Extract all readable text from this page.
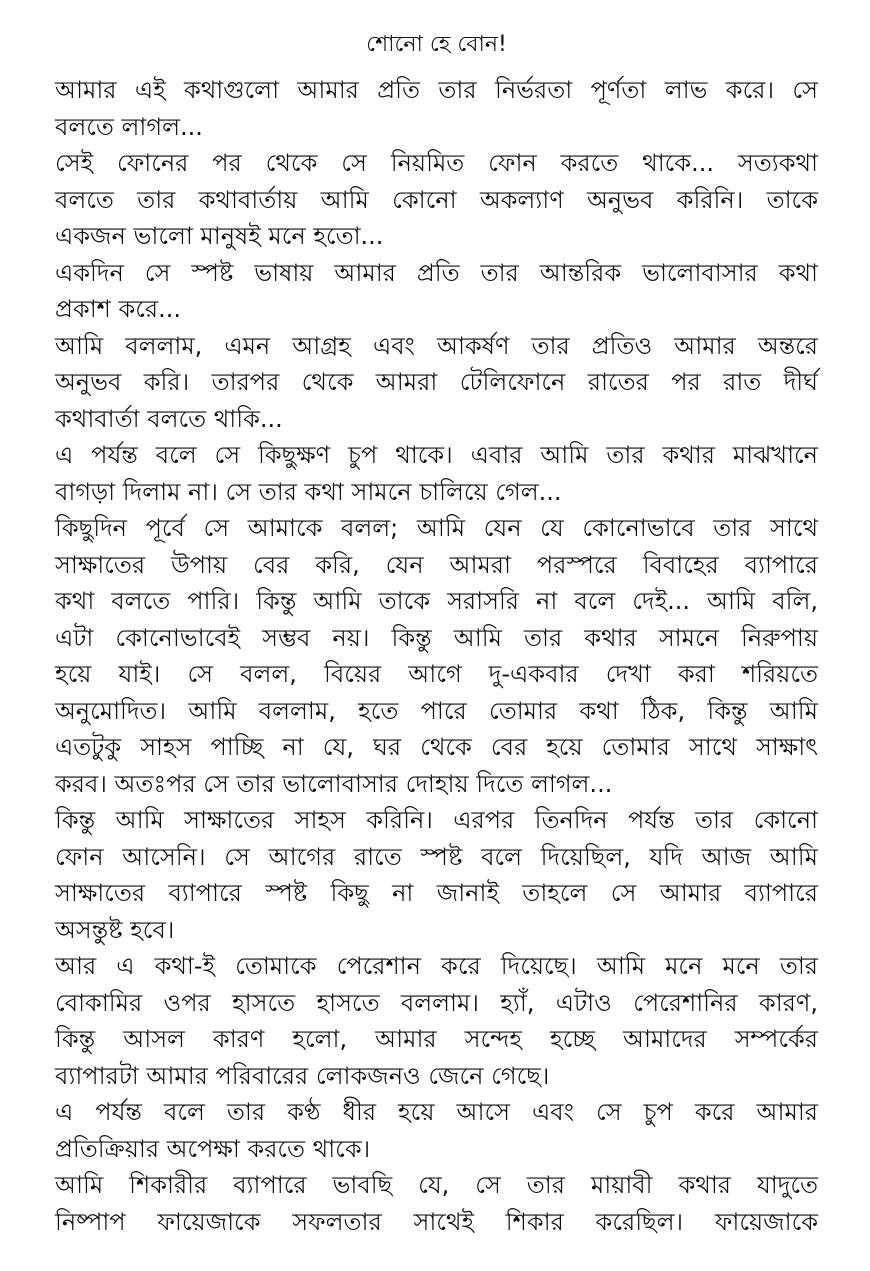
শোনো হে বোন!
আমার এই কথাগুলো আমার প্রতি তার নির্ভরতা পূর্ণতা লাভ করে। সে
বলতে লাগল...
সেই ফোনের পর থেকে সে নিয়মিত ফোন করতে থাকে... সত্যকথা
বলতে তার কথাবার্তায় আমি কোনো অকল্যাণ অনুভব করিনি। তাকে
একজন ভালো মানুষই মনে হতো...
একদিন সে স্পষ্ট ভাষায় আমার প্রতি তার আন্তরিক ভালোবাসার কথা
প্রকাশ করে...
আমি বললাম, এমন আগ্রহ এবং আকর্ষণ তার প্রতিও আমার অন্তরে
অনুভব করি। তারপর থেকে আমরা টেলিফোনে রাতের পর রাত দীর্ঘ
কথাবার্তা বলতে থাকি...
এ পর্যন্ত বলে সে কিছুক্ষণ চুপ থাকে। এবার আমি তার কথার মাঝখানে
বাগড়া দিলাম না। সে তার কথা সামনে চালিয়ে গেল...
কিছুদিন পূর্বে সে আমাকে বলল; আমি যেন যে কোনোভাবে তার সাথে
সাক্ষাতের উপায় বের করি, যেন আমরা পরস্পরে বিবাহের ব্যাপারে
কথা বলতে পারি। কিন্তু আমি তাকে সরাসরি না বলে দেই... আমি বলি,
এটা কোনোভাবেই সম্ভব নয়। কিন্তু আমি তার কথার সামনে নিরুপায়
হয়ে যাই। সে বলল, বিয়ের আগে দু-একবার দেখা করা শরিয়তে
অনুমোদিত। আমি বললাম, হতে পারে তোমার কথা ঠিক, কিন্তু আমি
এতটুকু সাহস পাচ্ছি না যে, ঘর থেকে বের হয়ে তোমার সাথে সাক্ষাৎ
করব। অতঃপর সে তার ভালোবাসার দোহায় দিতে লাগল...
কিন্তু আমি সাক্ষাতের সাহস করিনি। এরপর তিনদিন পর্যন্ত তার কোনো
ফোন আসেনি। সে আগের রাতে স্পষ্ট বলে দিয়েছিল, যদি আজ আমি
সাক্ষাতের ব্যাপারে স্পষ্ট কিছু না জানাই তাহলে সে আমার ব্যাপারে
অসন্তুষ্ট হবে।
আর এ কথা-ই তোমাকে পেরেশান করে দিয়েছে। আমি মনে মনে তার
বোকামির ওপর হাসতে হাসতে বললাম। হ্যাঁ, এটাও পেরেশানির কারণ,
কিন্তু আসল কারণ হলো, আমার সন্দেহ হচ্ছে আমাদের সম্পর্কের
ব্যাপারটা আমার পরিবারের লোকজনও জেনে গেছে।
এ পর্যন্ত বলে তার কণ্ঠ ধীর হয়ে আসে এবং সে চুপ করে আমার
প্রতিক্রিয়ার অপেক্ষা করতে থাকে।
আমি শিকারীর ব্যাপারে ভাবছি যে, সে তার মায়াবী কথার যাদুতে
নিষ্পাপ ফায়েজাকে সফলতার সাথেই শিকার করেছিল। ফায়েজাকে
